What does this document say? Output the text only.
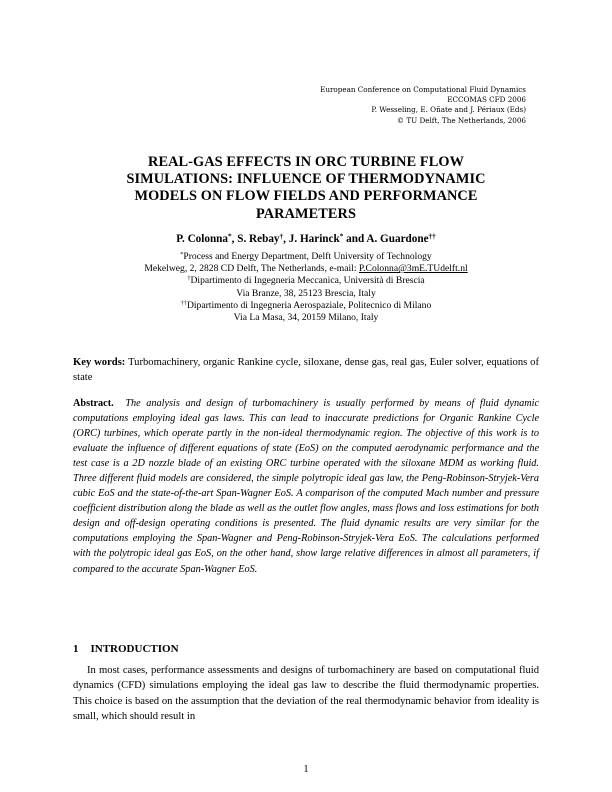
European Conference on Computational Fluid Dynamics
ECCOMAS CFD 2006
P. Wesseling, E. Oñate and J. Périaux (Eds)
© TU Delft, The Netherlands, 2006
REAL-GAS EFFECTS IN ORC TURBINE FLOW
SIMULATIONS: INFLUENCE OF THERMODYNAMIC
MODELS ON FLOW FIELDS AND PERFORMANCE
PARAMETERS
P. Colonna*, S. Rebay†, J. Harinck* and A. Guardone††
*Process and Energy Department, Delft University of Technology
Mekelweg, 2, 2828 CD Delft, The Netherlands, e-mail: P.Colonna@3mE.TUdelft.nl
†Dipartimento di Ingegneria Meccanica, Università di Brescia
Via Branze, 38, 25123 Brescia, Italy
††Dipartimento di Ingegneria Aerospaziale, Politecnico di Milano
Via La Masa, 34, 20159 Milano, Italy
Key words: Turbomachinery, organic Rankine cycle, siloxane, dense gas, real gas, Euler solver, equations of state
Abstract. The analysis and design of turbomachinery is usually performed by means of fluid dynamic computations employing ideal gas laws. This can lead to inaccurate predictions for Organic Rankine Cycle (ORC) turbines, which operate partly in the non-ideal thermodynamic region. The objective of this work is to evaluate the influence of different equations of state (EoS) on the computed aerodynamic performance and the test case is a 2D nozzle blade of an existing ORC turbine operated with the siloxane MDM as working fluid. Three different fluid models are considered, the simple polytropic ideal gas law, the Peng-Robinson-Stryjek-Vera cubic EoS and the state-of-the-art Span-Wagner EoS. A comparison of the computed Mach number and pressure coefficient distribution along the blade as well as the outlet flow angles, mass flows and loss estimations for both design and off-design operating conditions is presented. The fluid dynamic results are very similar for the computations employing the Span-Wagner and Peng-Robinson-Stryjek-Vera EoS. The calculations performed with the polytropic ideal gas EoS, on the other hand, show large relative differences in almost all parameters, if compared to the accurate Span-Wagner EoS.
1 INTRODUCTION
In most cases, performance assessments and designs of turbomachinery are based on computational fluid dynamics (CFD) simulations employing the ideal gas law to describe the fluid thermodynamic properties. This choice is based on the assumption that the deviation of the real thermodynamic behavior from ideality is small, which should result in
1
